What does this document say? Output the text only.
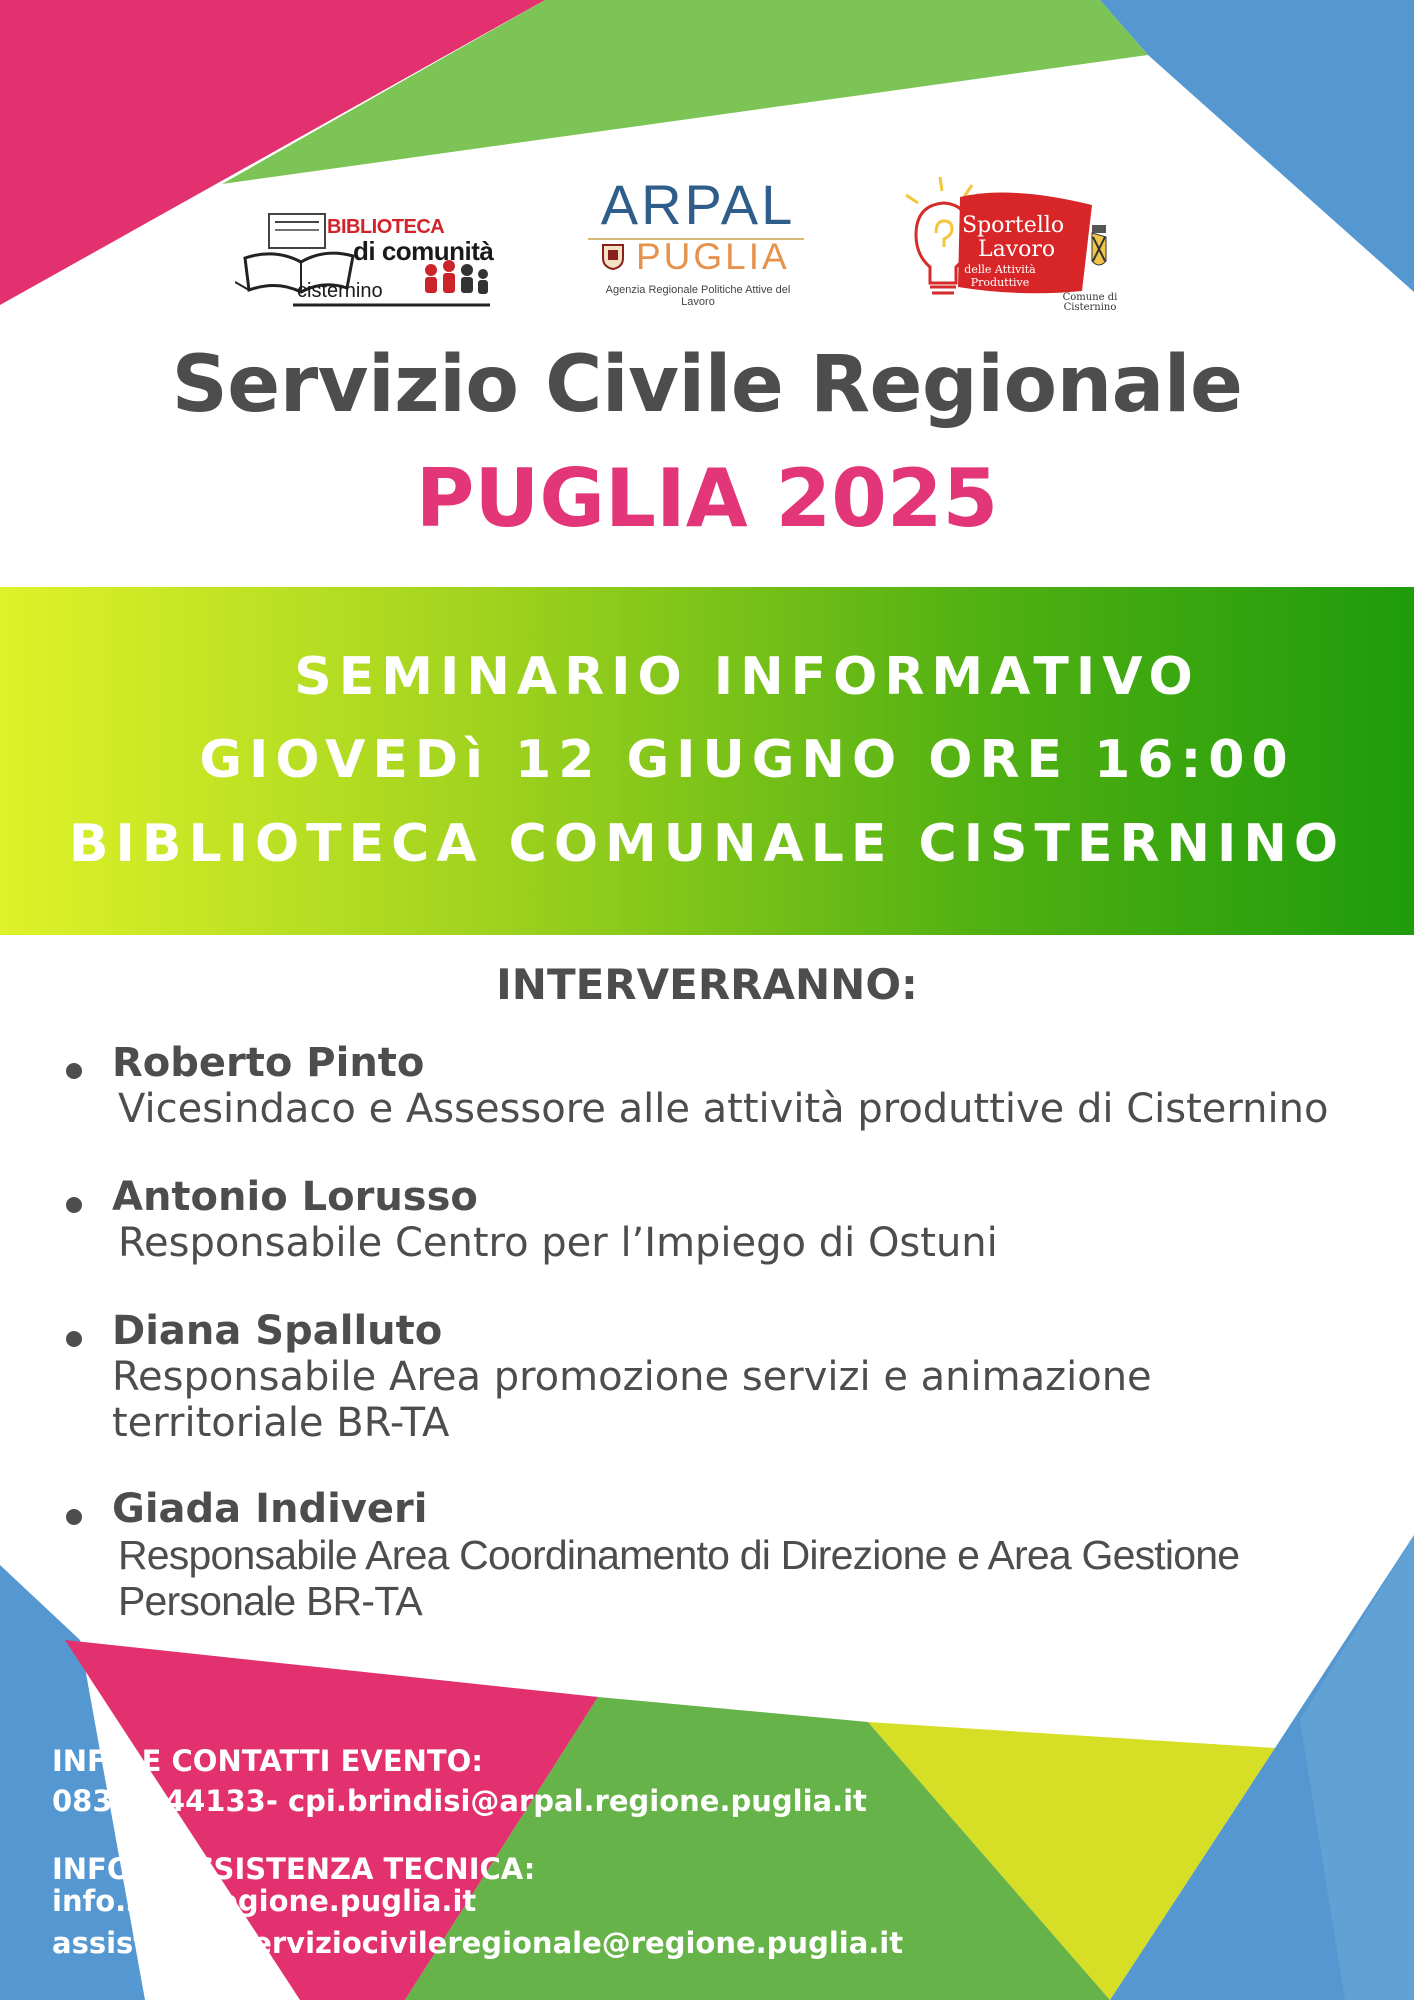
BIBLIOTECA
di comunità
cisternino
ARPAL
PUGLIA
Agenzia Regionale Politiche Attive del Lavoro
Sportello
Lavoro
delle Attività Produttive
Comune di Cisternino
Servizio Civile Regionale
PUGLIA 2025
SEMINARIO INFORMATIVO
GIOVEDì 12 GIUGNO ORE 16:00
BIBLIOTECA COMUNALE CISTERNINO
INTERVERRANNO:
Roberto Pinto
Vicesindaco e Assessore alle attività produttive di Cisternino
Antonio Lorusso
Responsabile Centro per l’Impiego di Ostuni
Diana Spalluto
Responsabile Area promozione servizi e animazione
territoriale BR-TA
Giada Indiveri
Responsabile Area Coordinamento di Direzione e Area Gestione
Personale BR-TA
INFO E CONTATTI EVENTO:
0831-544133- cpi.brindisi@arpal.regione.puglia.it
INFO E ASSISTENZA TECNICA:
info.scr@regione.puglia.it
assistenza.serviziocivileregionale@regione.puglia.it
